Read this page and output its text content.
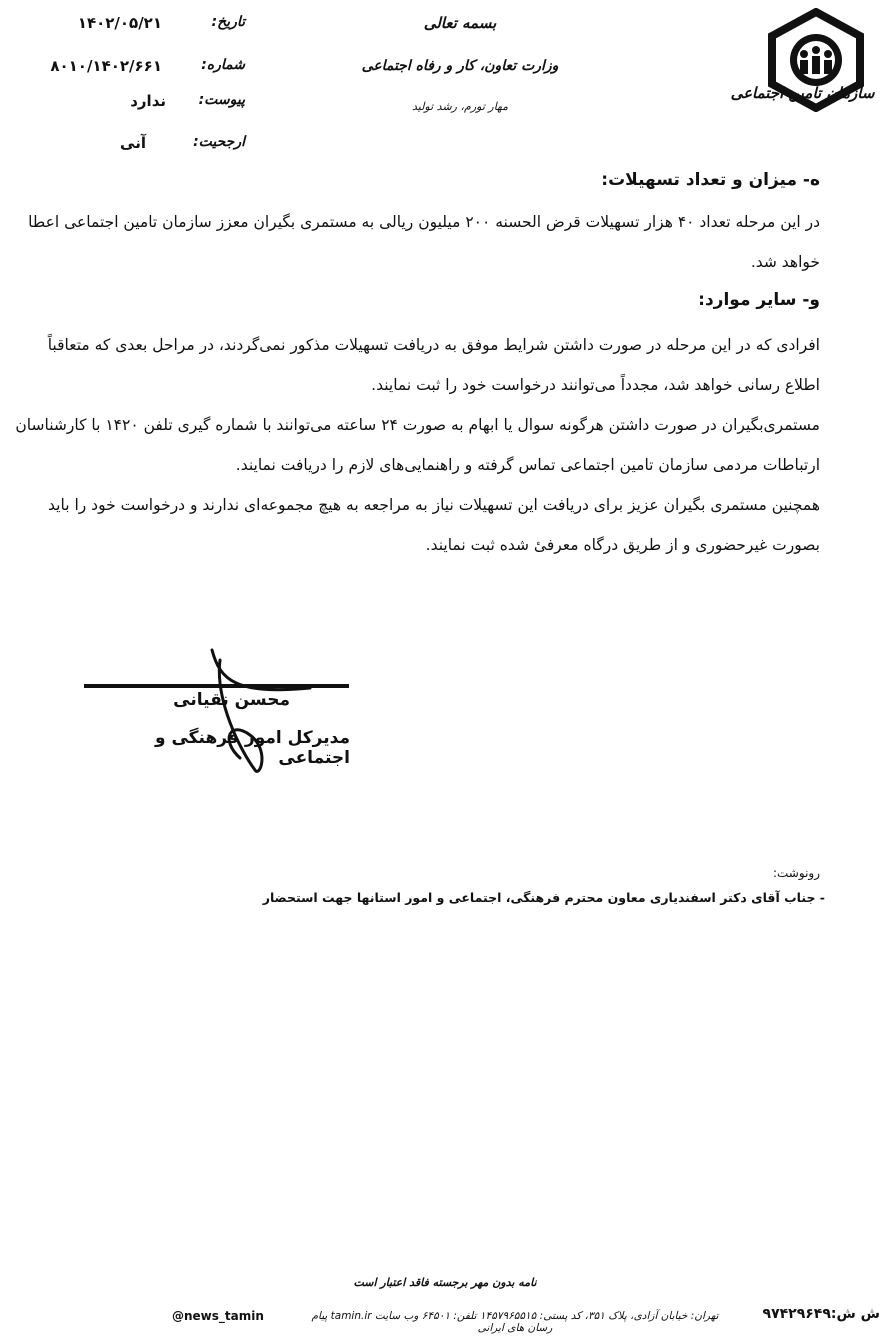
سازمان تامین اجتماعی
بسمه تعالی
وزارت تعاون، کار و رفاه اجتماعی
مهار تورم، رشد تولید
تاریخ:
۱۴۰۲/۰۵/۲۱
شماره:
۸۰۱۰/۱۴۰۲/۶۶۱
پیوست:
ندارد
ارجحیت:
آنی
ه- میزان و تعداد تسهیلات:
در این مرحله تعداد ۴۰ هزار تسهیلات قرض الحسنه ۲۰۰ میلیون ریالی به مستمری بگیران معزز سازمان تامین اجتماعی اعطا خواهد شد.
و- سایر موارد:
افرادی که در این مرحله در صورت داشتن شرایط موفق به دریافت تسهیلات مذکور نمی‌گردند، در مراحل بعدی که متعاقباً اطلاع رسانی خواهد شد، مجدداً می‌توانند درخواست خود را ثبت نمایند.
مستمری‌بگیران در صورت داشتن هرگونه سوال یا ابهام به صورت ۲۴ ساعته می‌توانند با شماره گیری تلفن ۱۴۲۰ با کارشناسان ارتباطات مردمی سازمان تامین اجتماعی تماس گرفته و راهنمایی‌های لازم را دریافت نمایند.
همچنین مستمری بگیران عزیز برای دریافت این تسهیلات نیاز به مراجعه به هیچ مجموعه‌ای ندارند و درخواست خود را باید بصورت غیرحضوری و از طریق درگاه معرفیٔ شده ثبت نمایند.
محسن نقیانی
مدیرکل امور فرهنگی و اجتماعی
رونوشت:
- جناب آقای دکتر اسفندیاری معاون محترم فرهنگی، اجتماعی و امور استانها جهت استحضار
نامه بدون مهر برجسته فاقد اعتبار است
تهران: خیابان آزادی، پلاک ۳۵۱، کد پستی: ۱۴۵۷۹۶۵۵۱۵ تلفن: ۶۴۵۰۱ وب سایت tamin.ir پیام رسان های ایرانی
@news_tamin	ش ش:۹۷۴۲۹۶۴۹
